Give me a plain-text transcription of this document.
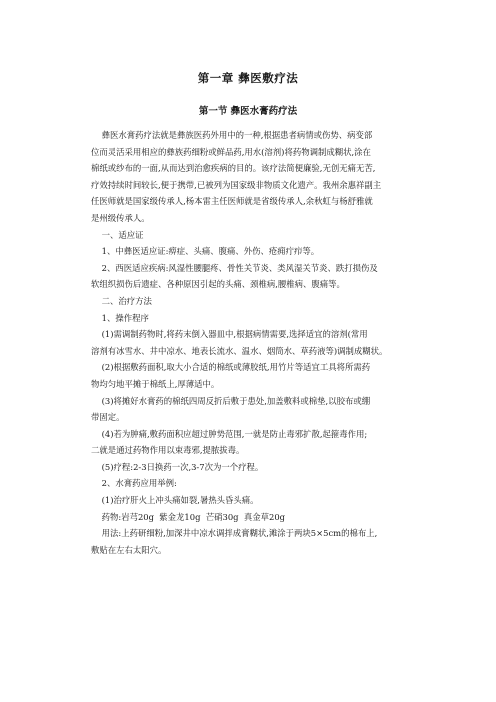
第一章 彝医敷疗法
第一节 彝医水膏药疗法
彝医水膏药疗法就是彝族医药外用中的一种,根据患者病情或伤势、病变部
位而灵活采用相应的彝族药细粉或鲜品药,用水(溶剂)将药物调制成糊状,涂在
棉纸或纱布的一面,从而达到治愈疾病的目的。该疗法简便廉验,无创无痛无苦,
疗效持续时间较长,便于携带,已被列为国家级非物质文化遗产。我州余惠祥副主
任医师就是国家级传承人,杨本雷主任医师就是省级传承人,余秋虹与杨舒雅就
是州级传承人。
一、适应证
1、中彝医适应证:痹症、头痛、腹痛、外伤、疮痈疔疖等。
2、西医适应疾病:风湿性腰腿疼、骨性关节炎、类风湿关节炎、跌打损伤及
软组织损伤后遗症、各种原因引起的头痛、颈椎病,腰椎病、腹痛等。
二、治疗方法
1、操作程序
(1)需调制药物时,将药末倒入器皿中,根据病情需要,选择适宜的溶剂(常用
溶剂有冰雪水、井中凉水、地表长流水、温水、烟筒水、草药液等)调制成糊状。
(2)根据敷药面积,取大小合适的棉纸或薄胶纸,用竹片等适宜工具将所需药
物均匀地平摊于棉纸上,厚薄适中。
(3)将摊好水膏药的棉纸四周反折后敷于患处,加盖敷料或棉垫,以胶布或绷
带固定。
(4)若为肿痛,敷药面积应超过肿势范围,一就是防止毒邪扩散,起箍毒作用;
二就是通过药物作用以束毒邪,提脓拔毒。
(5)疗程:2-3日换药一次,3-7次为一个疗程。
2、水膏药应用举例:
(1)治疗肝火上冲头痛如裂,暑热头昏头痛。
药物:岩芎20g  紫金龙10g  芒硝30g  真金草20g
用法:上药研细粉,加深井中凉水调拌成膏糊状,滩涂于两块5×5cm的棉布上,
敷贴在左右太阳穴。
